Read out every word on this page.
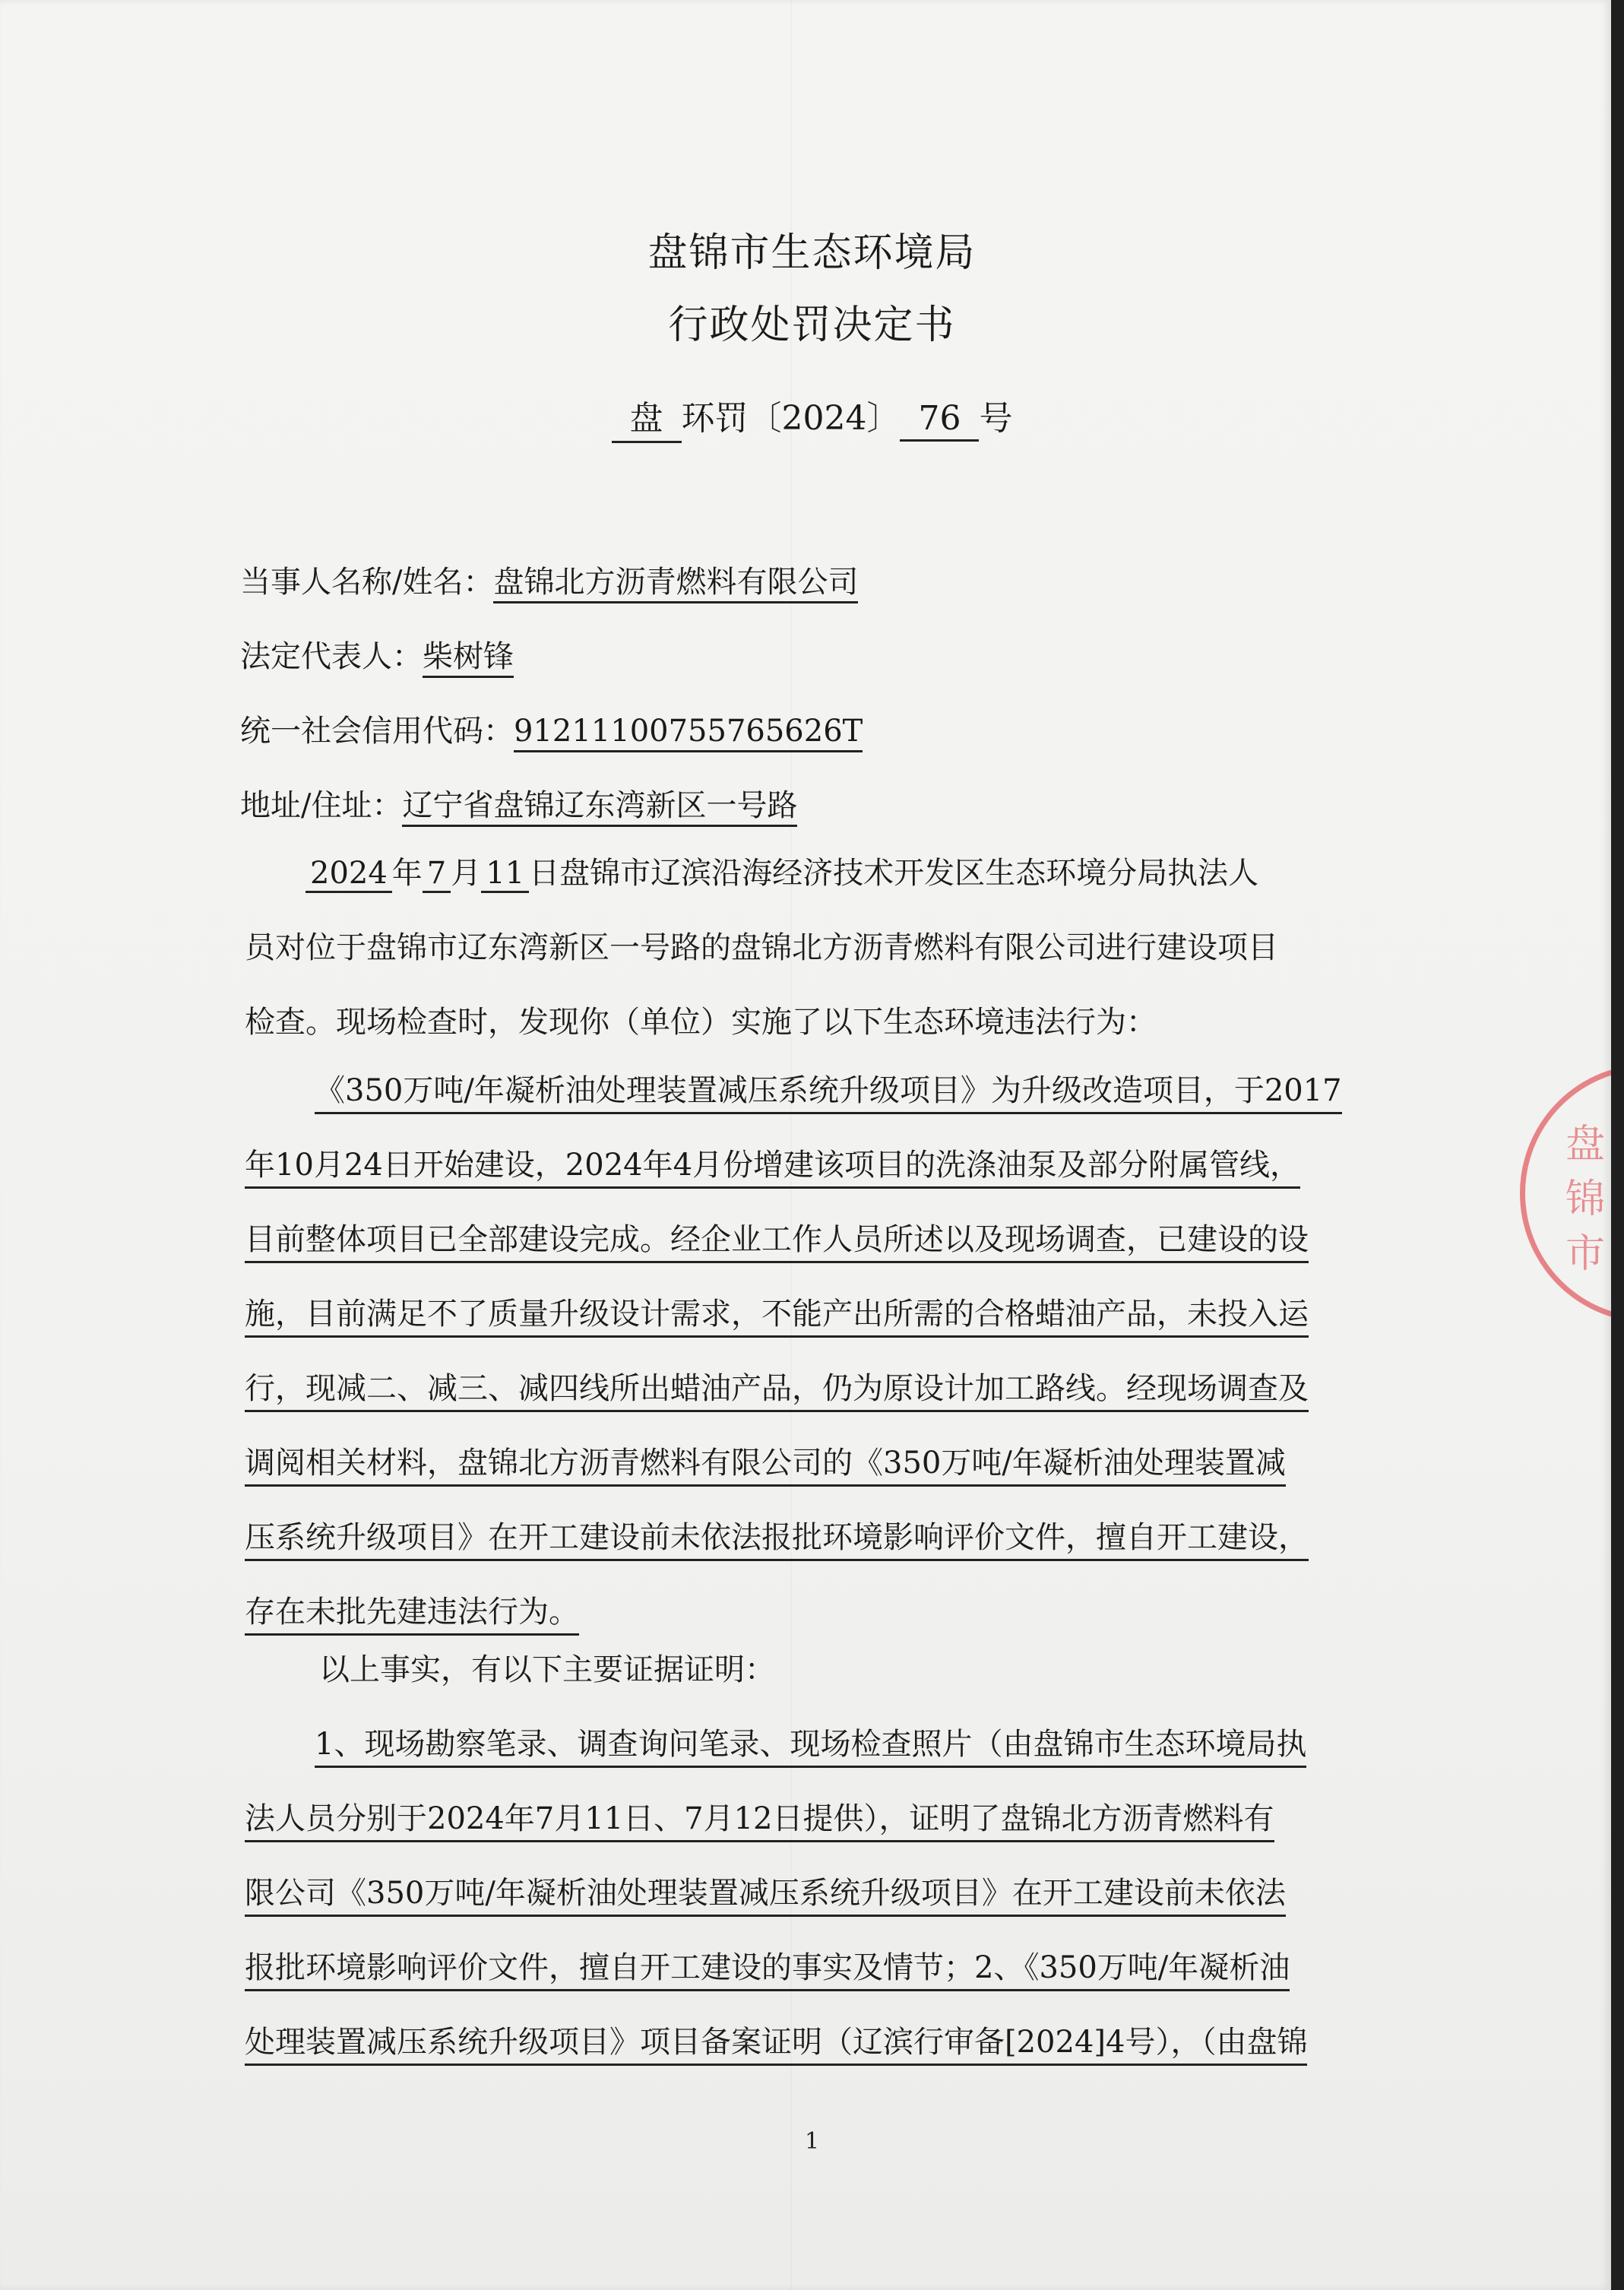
盘锦市生态环境局
行政处罚决定书
盘 环罚〔2024〕 76 号
当事人名称/姓名：盘锦北方沥青燃料有限公司
法定代表人：柴树锋
统一社会信用代码：91211100755765626T
地址/住址：辽宁省盘锦辽东湾新区一号路
2024 年 7 月 11 日盘锦市辽滨沿海经济技术开发区生态环境分局执法人
员对位于盘锦市辽东湾新区一号路的盘锦北方沥青燃料有限公司进行建设项目
检查。现场检查时，发现你（单位）实施了以下生态环境违法行为：
《350万吨/年凝析油处理装置减压系统升级项目》为升级改造项目，于2017
年10月24日开始建设，2024年4月份增建该项目的洗涤油泵及部分附属管线，
目前整体项目已全部建设完成。经企业工作人员所述以及现场调查，已建设的设
施，目前满足不了质量升级设计需求，不能产出所需的合格蜡油产品，未投入运
行，现减二、减三、减四线所出蜡油产品，仍为原设计加工路线。经现场调查及
调阅相关材料，盘锦北方沥青燃料有限公司的《350万吨/年凝析油处理装置减
压系统升级项目》在开工建设前未依法报批环境影响评价文件，擅自开工建设，
存在未批先建违法行为。
以上事实，有以下主要证据证明：
1、现场勘察笔录、调查询问笔录、现场检查照片（由盘锦市生态环境局执
法人员分别于2024年7月11日、7月12日提供），证明了盘锦北方沥青燃料有
限公司《350万吨/年凝析油处理装置减压系统升级项目》在开工建设前未依法
报批环境影响评价文件，擅自开工建设的事实及情节；2、《350万吨/年凝析油
处理装置减压系统升级项目》项目备案证明（辽滨行审备[2024]4号），（由盘锦
1
盘锦市
